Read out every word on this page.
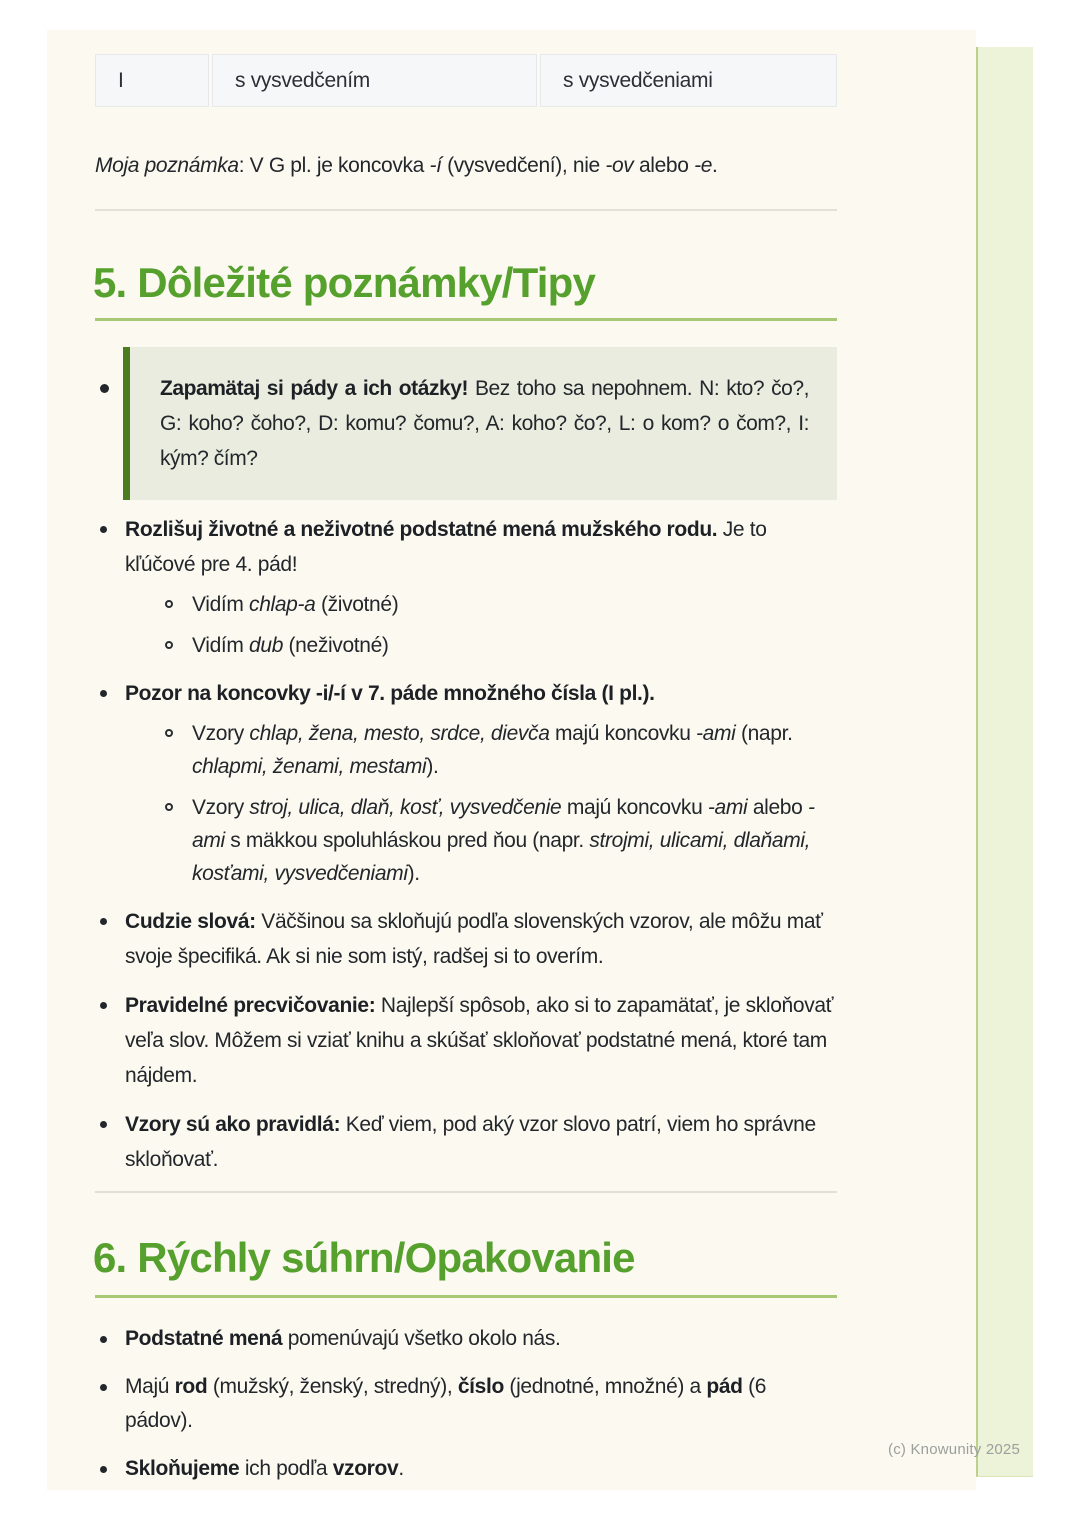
I	s vysvedčením	s vysvedčeniami

Moja poznámka: V G pl. je koncovka -í (vysvedčení), nie -ov alebo -e.

5. Dôležité poznámky/Tipy
Zapamätaj si pády a ich otázky! Bez toho sa nepohnem. N: kto? čo?, G: koho? čoho?, D: komu? čomu?, A: koho? čo?, L: o kom? o čom?, I: kým? čím?
Rozlišuj životné a neživotné podstatné mená mužského rodu. Je to kľúčové pre 4. pád!
Vidím chlap-a (životné)
Vidím dub (neživotné)
Pozor na koncovky -i/-í v 7. páde množného čísla (I pl.).
Vzory chlap, žena, mesto, srdce, dievča majú koncovku -ami (napr. chlapmi, ženami, mestami).
Vzory stroj, ulica, dlaň, kosť, vysvedčenie majú koncovku -ami alebo -ami s mäkkou spoluhláskou pred ňou (napr. strojmi, ulicami, dlaňami, kosťami, vysvedčeniami).
Cudzie slová: Väčšinou sa skloňujú podľa slovenských vzorov, ale môžu mať svoje špecifiká. Ak si nie som istý, radšej si to overím.
Pravidelné precvičovanie: Najlepší spôsob, ako si to zapamätať, je skloňovať veľa slov. Môžem si vziať knihu a skúšať skloňovať podstatné mená, ktoré tam nájdem.
Vzory sú ako pravidlá: Keď viem, pod aký vzor slovo patrí, viem ho správne skloňovať.
6. Rýchly súhrn/Opakovanie
Podstatné mená pomenúvajú všetko okolo nás.
Majú rod (mužský, ženský, stredný), číslo (jednotné, množné) a pád (6 pádov).
Skloňujeme ich podľa vzorov.
(c) Knowunity 2025
